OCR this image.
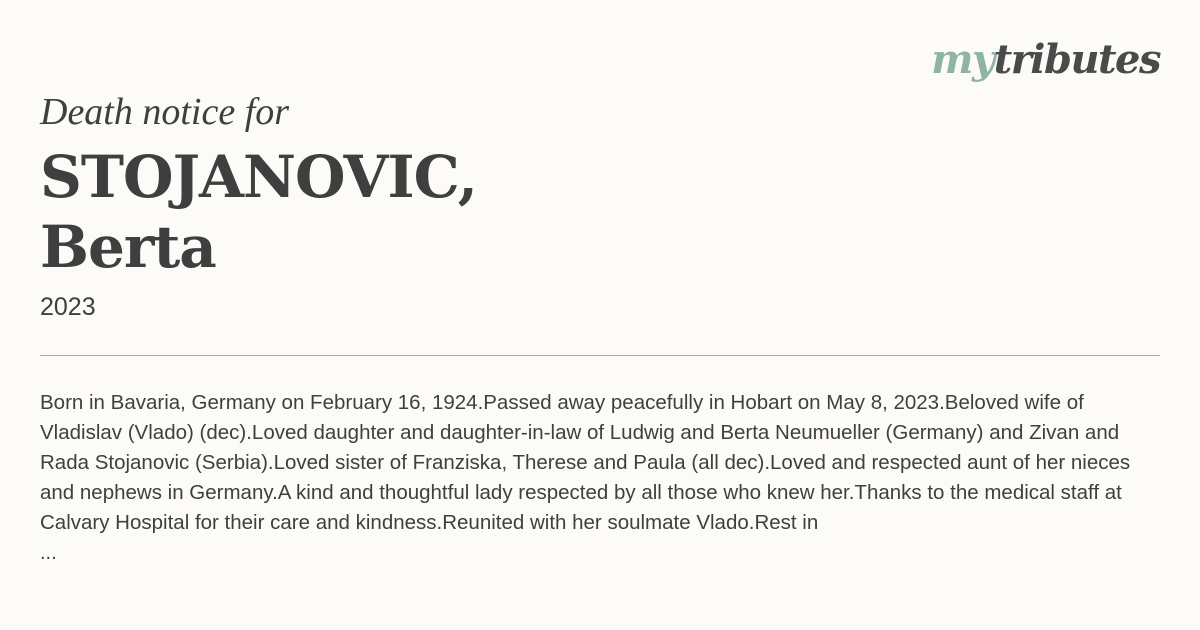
mytributes

Death notice for

STOJANOVIC,
Berta

2023

Born in Bavaria, Germany on February 16, 1924.Passed away peacefully in Hobart on May 8, 2023.Beloved wife of Vladislav (Vlado) (dec).Loved daughter and daughter-in-law of Ludwig and Berta Neumueller (Germany) and Zivan and Rada Stojanovic (Serbia).Loved sister of Franziska, Therese and Paula (all dec).Loved and respected aunt of her nieces and nephews in Germany.A kind and thoughtful lady respected by all those who knew her.Thanks to the medical staff at Calvary Hospital for their care and kindness.Reunited with her soulmate Vlado.Rest in

...
